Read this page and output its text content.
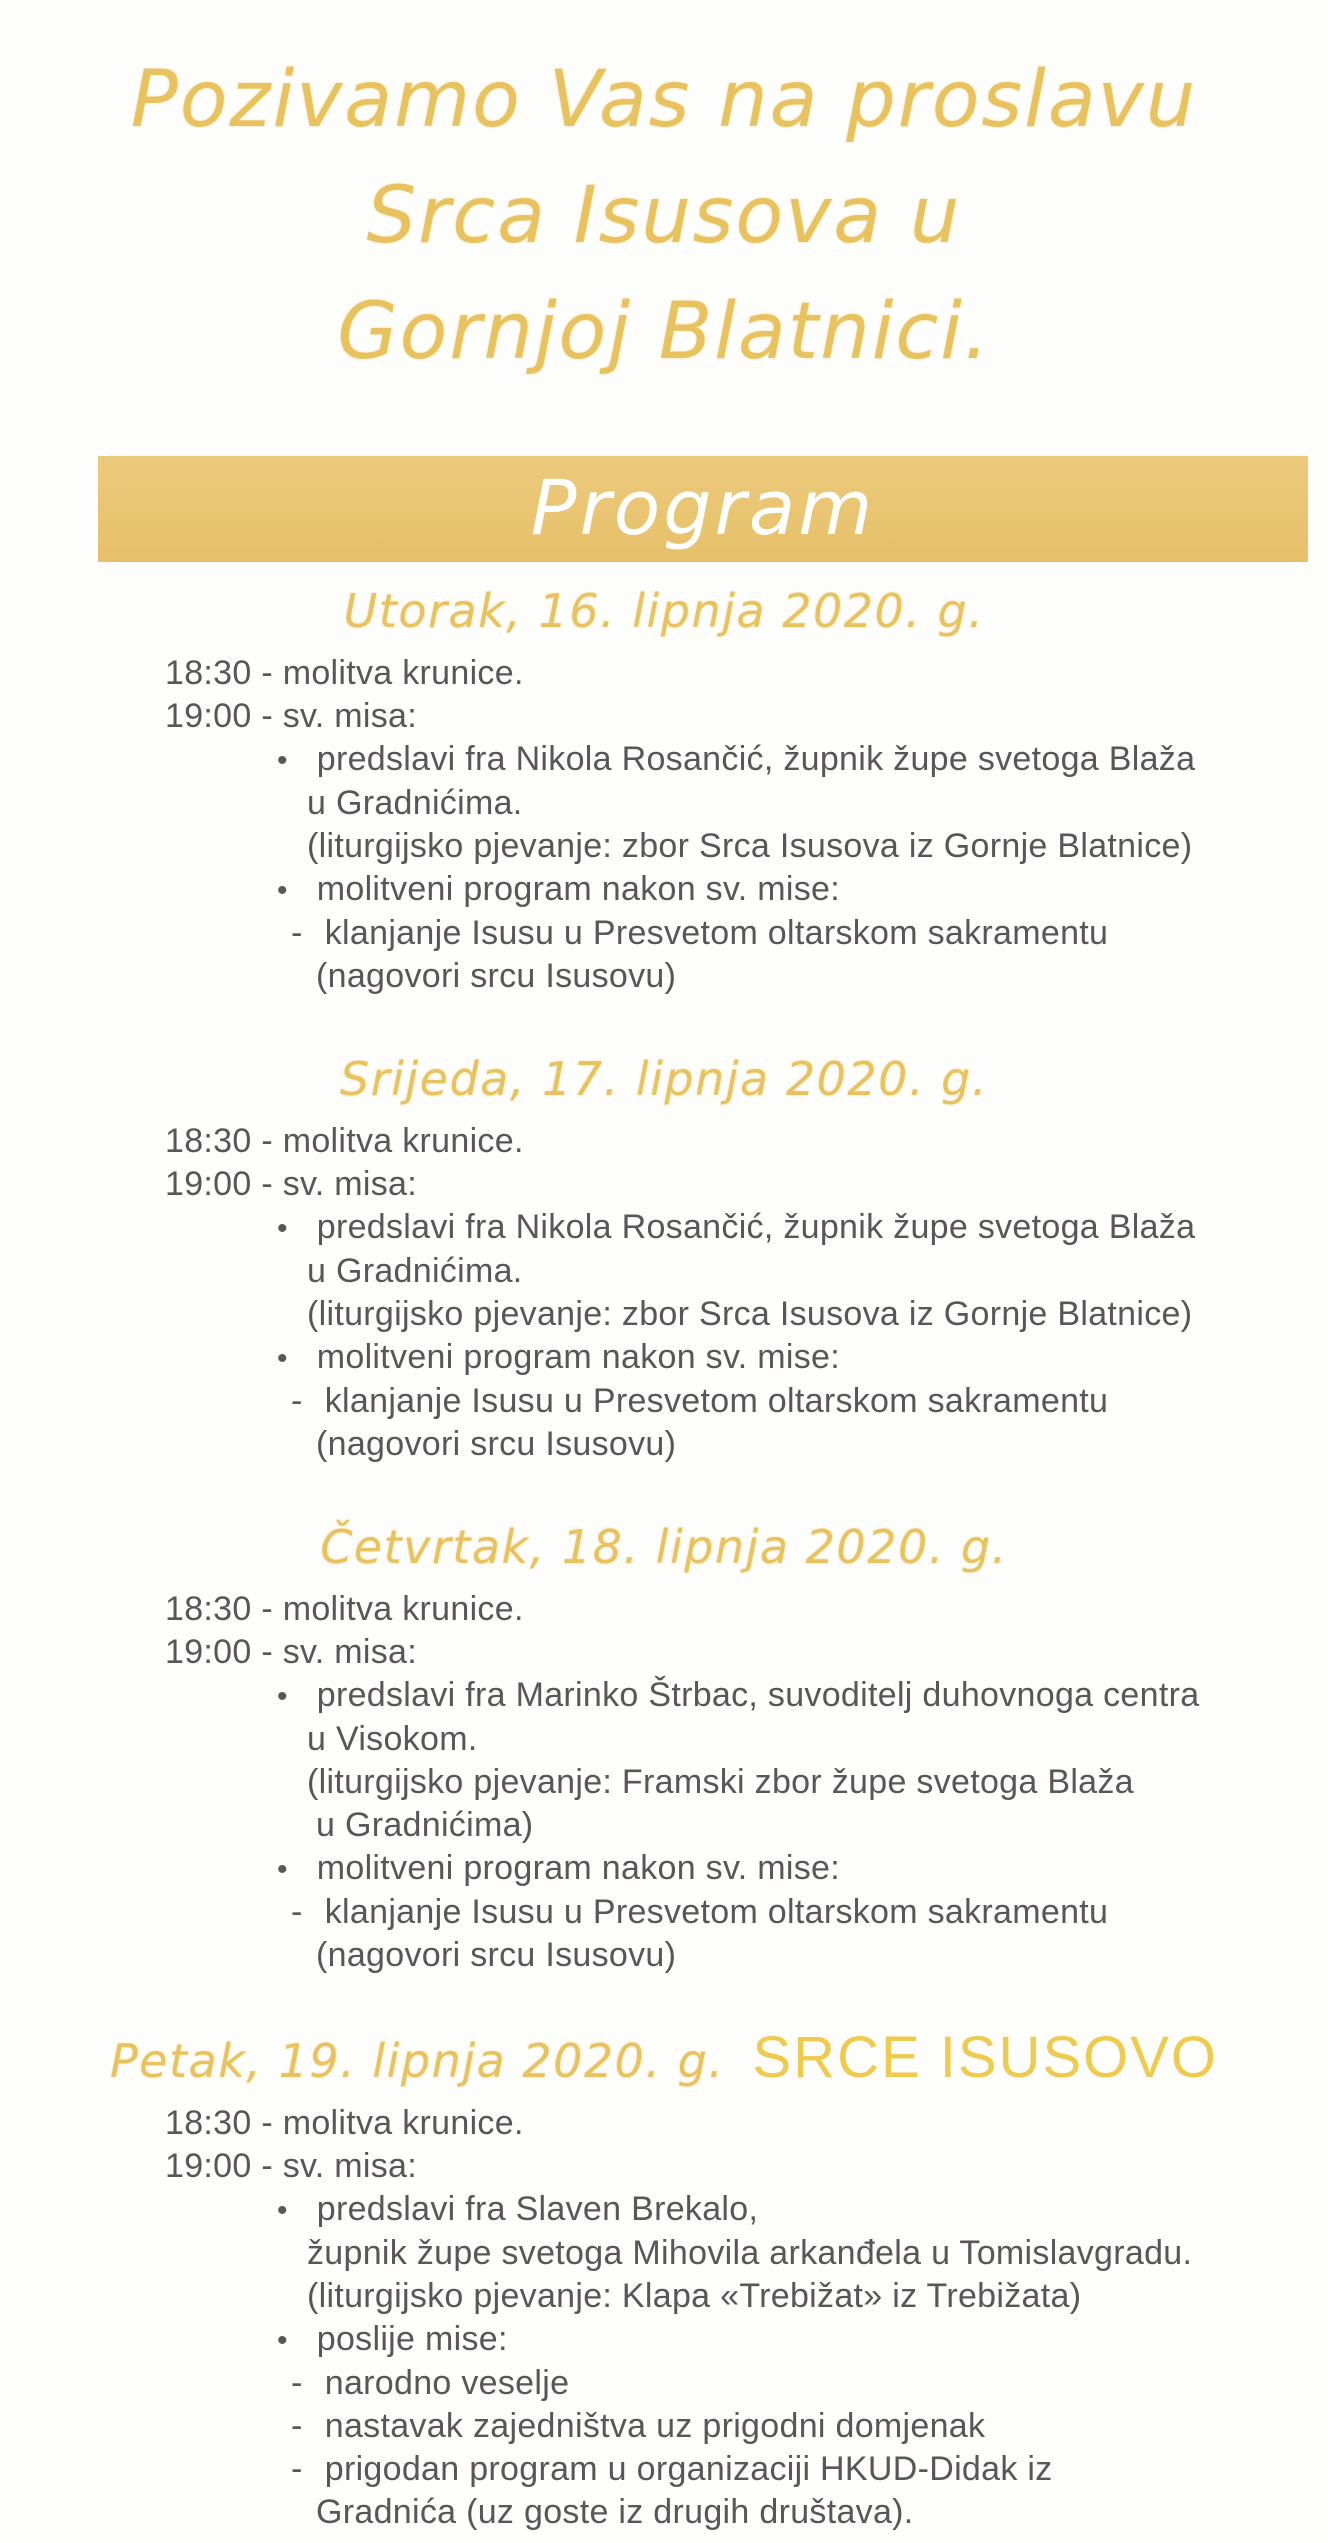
Pozivamo Vas na proslavu
Srca Isusova u
Gornjoj Blatnici.
Program
Utorak, 16. lipnja 2020. g.
18:30 - molitva krunice.
19:00 - sv. misa:
• predslavi fra Nikola Rosančić, župnik župe svetoga Blaža
u Gradnićima.
(liturgijsko pjevanje: zbor Srca Isusova iz Gornje Blatnice)
• molitveni program nakon sv. mise:
- klanjanje Isusu u Presvetom oltarskom sakramentu
(nagovori srcu Isusovu)
Srijeda, 17. lipnja 2020. g.
18:30 - molitva krunice.
19:00 - sv. misa:
• predslavi fra Nikola Rosančić, župnik župe svetoga Blaža
u Gradnićima.
(liturgijsko pjevanje: zbor Srca Isusova iz Gornje Blatnice)
• molitveni program nakon sv. mise:
- klanjanje Isusu u Presvetom oltarskom sakramentu
(nagovori srcu Isusovu)
Četvrtak, 18. lipnja 2020. g.
18:30 - molitva krunice.
19:00 - sv. misa:
• predslavi fra Marinko Štrbac, suvoditelj duhovnoga centra
u Visokom.
(liturgijsko pjevanje: Framski zbor župe svetoga Blaža
u Gradnićima)
• molitveni program nakon sv. mise:
- klanjanje Isusu u Presvetom oltarskom sakramentu
(nagovori srcu Isusovu)
Petak, 19. lipnja 2020. g. SRCE ISUSOVO
18:30 - molitva krunice.
19:00 - sv. misa:
• predslavi fra Slaven Brekalo,
župnik župe svetoga Mihovila arkanđela u Tomislavgradu.
(liturgijsko pjevanje: Klapa «Trebižat» iz Trebižata)
• poslije mise:
- narodno veselje
- nastavak zajedništva uz prigodni domjenak
- prigodan program u organizaciji HKUD-Didak iz
Gradnića (uz goste iz drugih društava).
